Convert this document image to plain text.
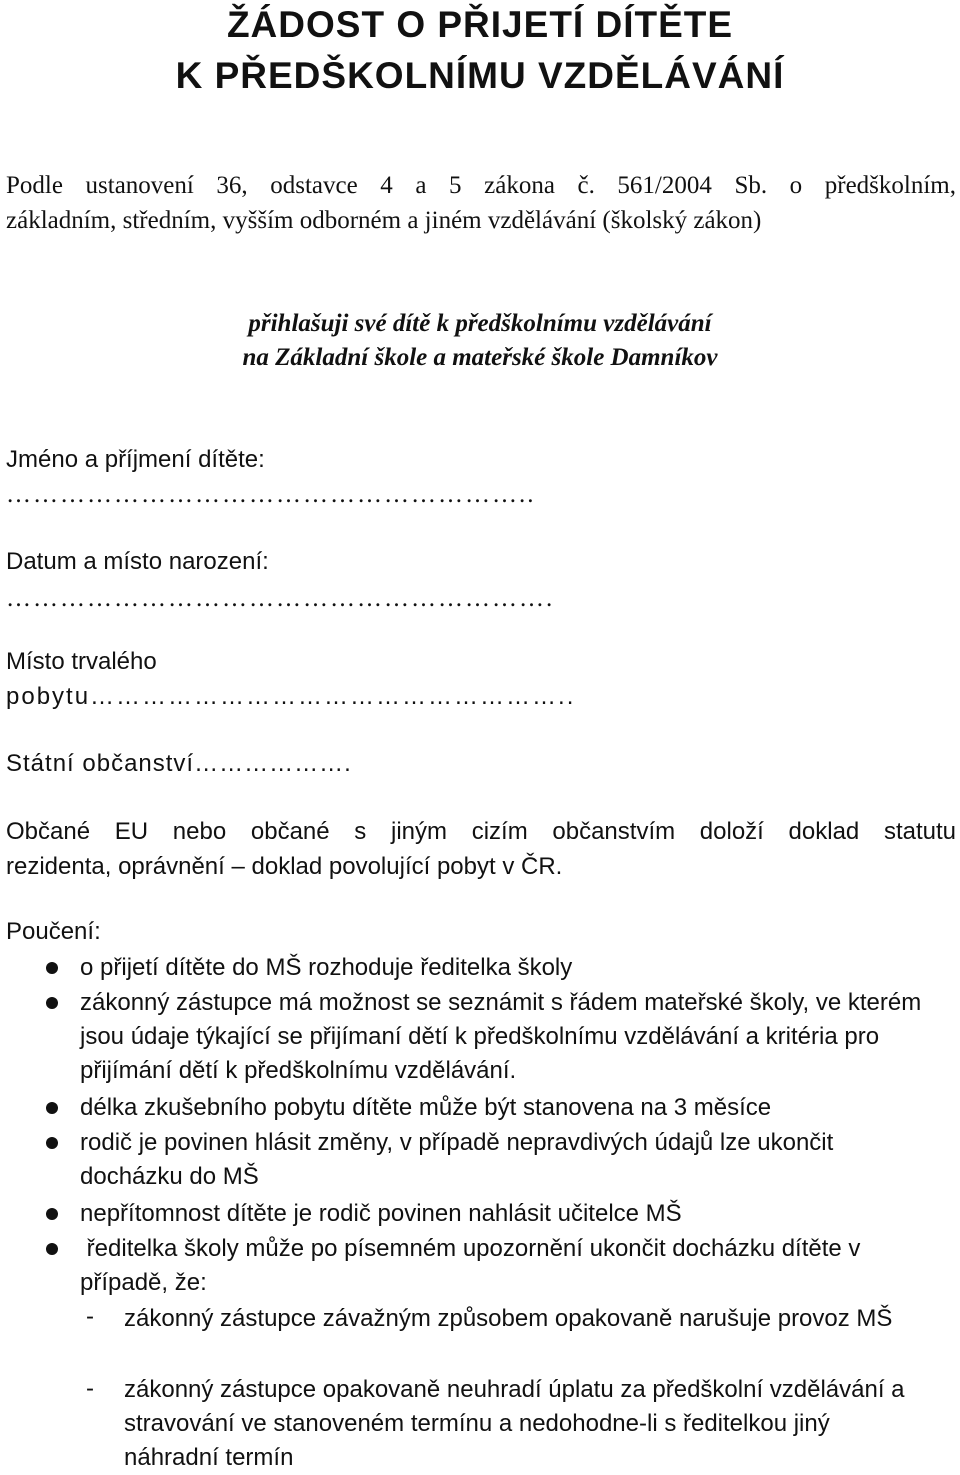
ŽÁDOST O PŘIJETÍ DÍTĚTE
K PŘEDŠKOLNÍMU VZDĚLÁVÁNÍ
Podle ustanovení 36, odstavce 4 a 5 zákona č. 561/2004 Sb. o předškolním,
základním, středním, vyšším odborném a jiném vzdělávání (školský zákon)
přihlašuji své dítě k předškolnímu vzdělávání
na Základní škole a mateřské škole Damníkov
Jméno a příjmení dítěte:
…………………………………………………..
Datum a místo narození:
…………………………………………………….
Místo trvalého
pobytu………………………………………………..
Státní občanství……………….
Občané EU nebo občané s jiným cizím občanstvím doloží doklad statutu
rezidenta, oprávnění – doklad povolující pobyt v ČR.
Poučení:
o přijetí dítěte do MŠ rozhoduje ředitelka školy
zákonný zástupce má možnost se seznámit s řádem mateřské školy, ve kterém jsou údaje týkající se přijímaní dětí k předškolnímu vzdělávání a kritéria pro přijímání dětí k předškolnímu vzdělávání.
délka zkušebního pobytu dítěte může být stanovena na 3 měsíce
rodič je povinen hlásit změny, v případě nepravdivých údajů lze ukončit docházku do MŠ
nepřítomnost dítěte je rodič povinen nahlásit učitelce MŠ
ředitelka školy může po písemném upozornění ukončit docházku dítěte v případě, že:
- zákonný zástupce závažným způsobem opakovaně narušuje provoz MŠ
- zákonný zástupce opakovaně neuhradí úplatu za předškolní vzdělávání a stravování ve stanoveném termínu a nedohodne-li s ředitelkou jiný náhradní termín
